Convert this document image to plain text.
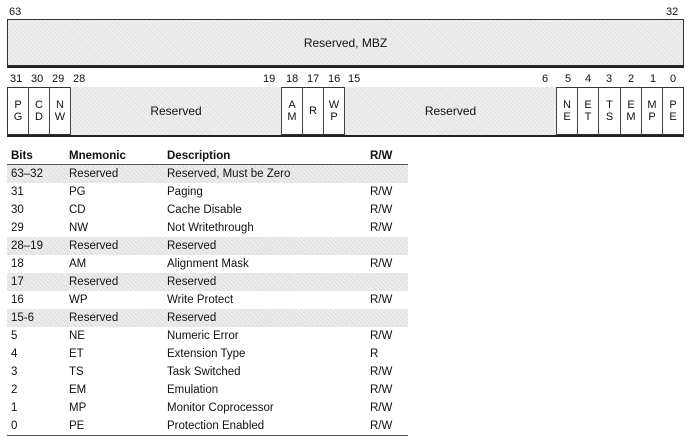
63	32
Reserved, MBZ
31 30 29 28	19 18 17 16 15	6 5 4 3 2 1 0
P
G
C
D
N
W	Reserved	A
M R W
P	Reserved	N
E
E
T
T
S
E
M
M
P
P
E
Bits	Mnemonic	Description	R/W
63–32	Reserved	Reserved, Must be Zero	
31	PG	Paging	R/W
30	CD	Cache Disable	R/W
29	NW	Not Writethrough	R/W
28–19	Reserved	Reserved	
18	AM	Alignment Mask	R/W
17	Reserved	Reserved	
16	WP	Write Protect	R/W
15-6	Reserved	Reserved	
5	NE	Numeric Error	R/W
4	ET	Extension Type	R
3	TS	Task Switched	R/W
2	EM	Emulation	R/W
1	MP	Monitor Coprocessor	R/W
0	PE	Protection Enabled	R/W
